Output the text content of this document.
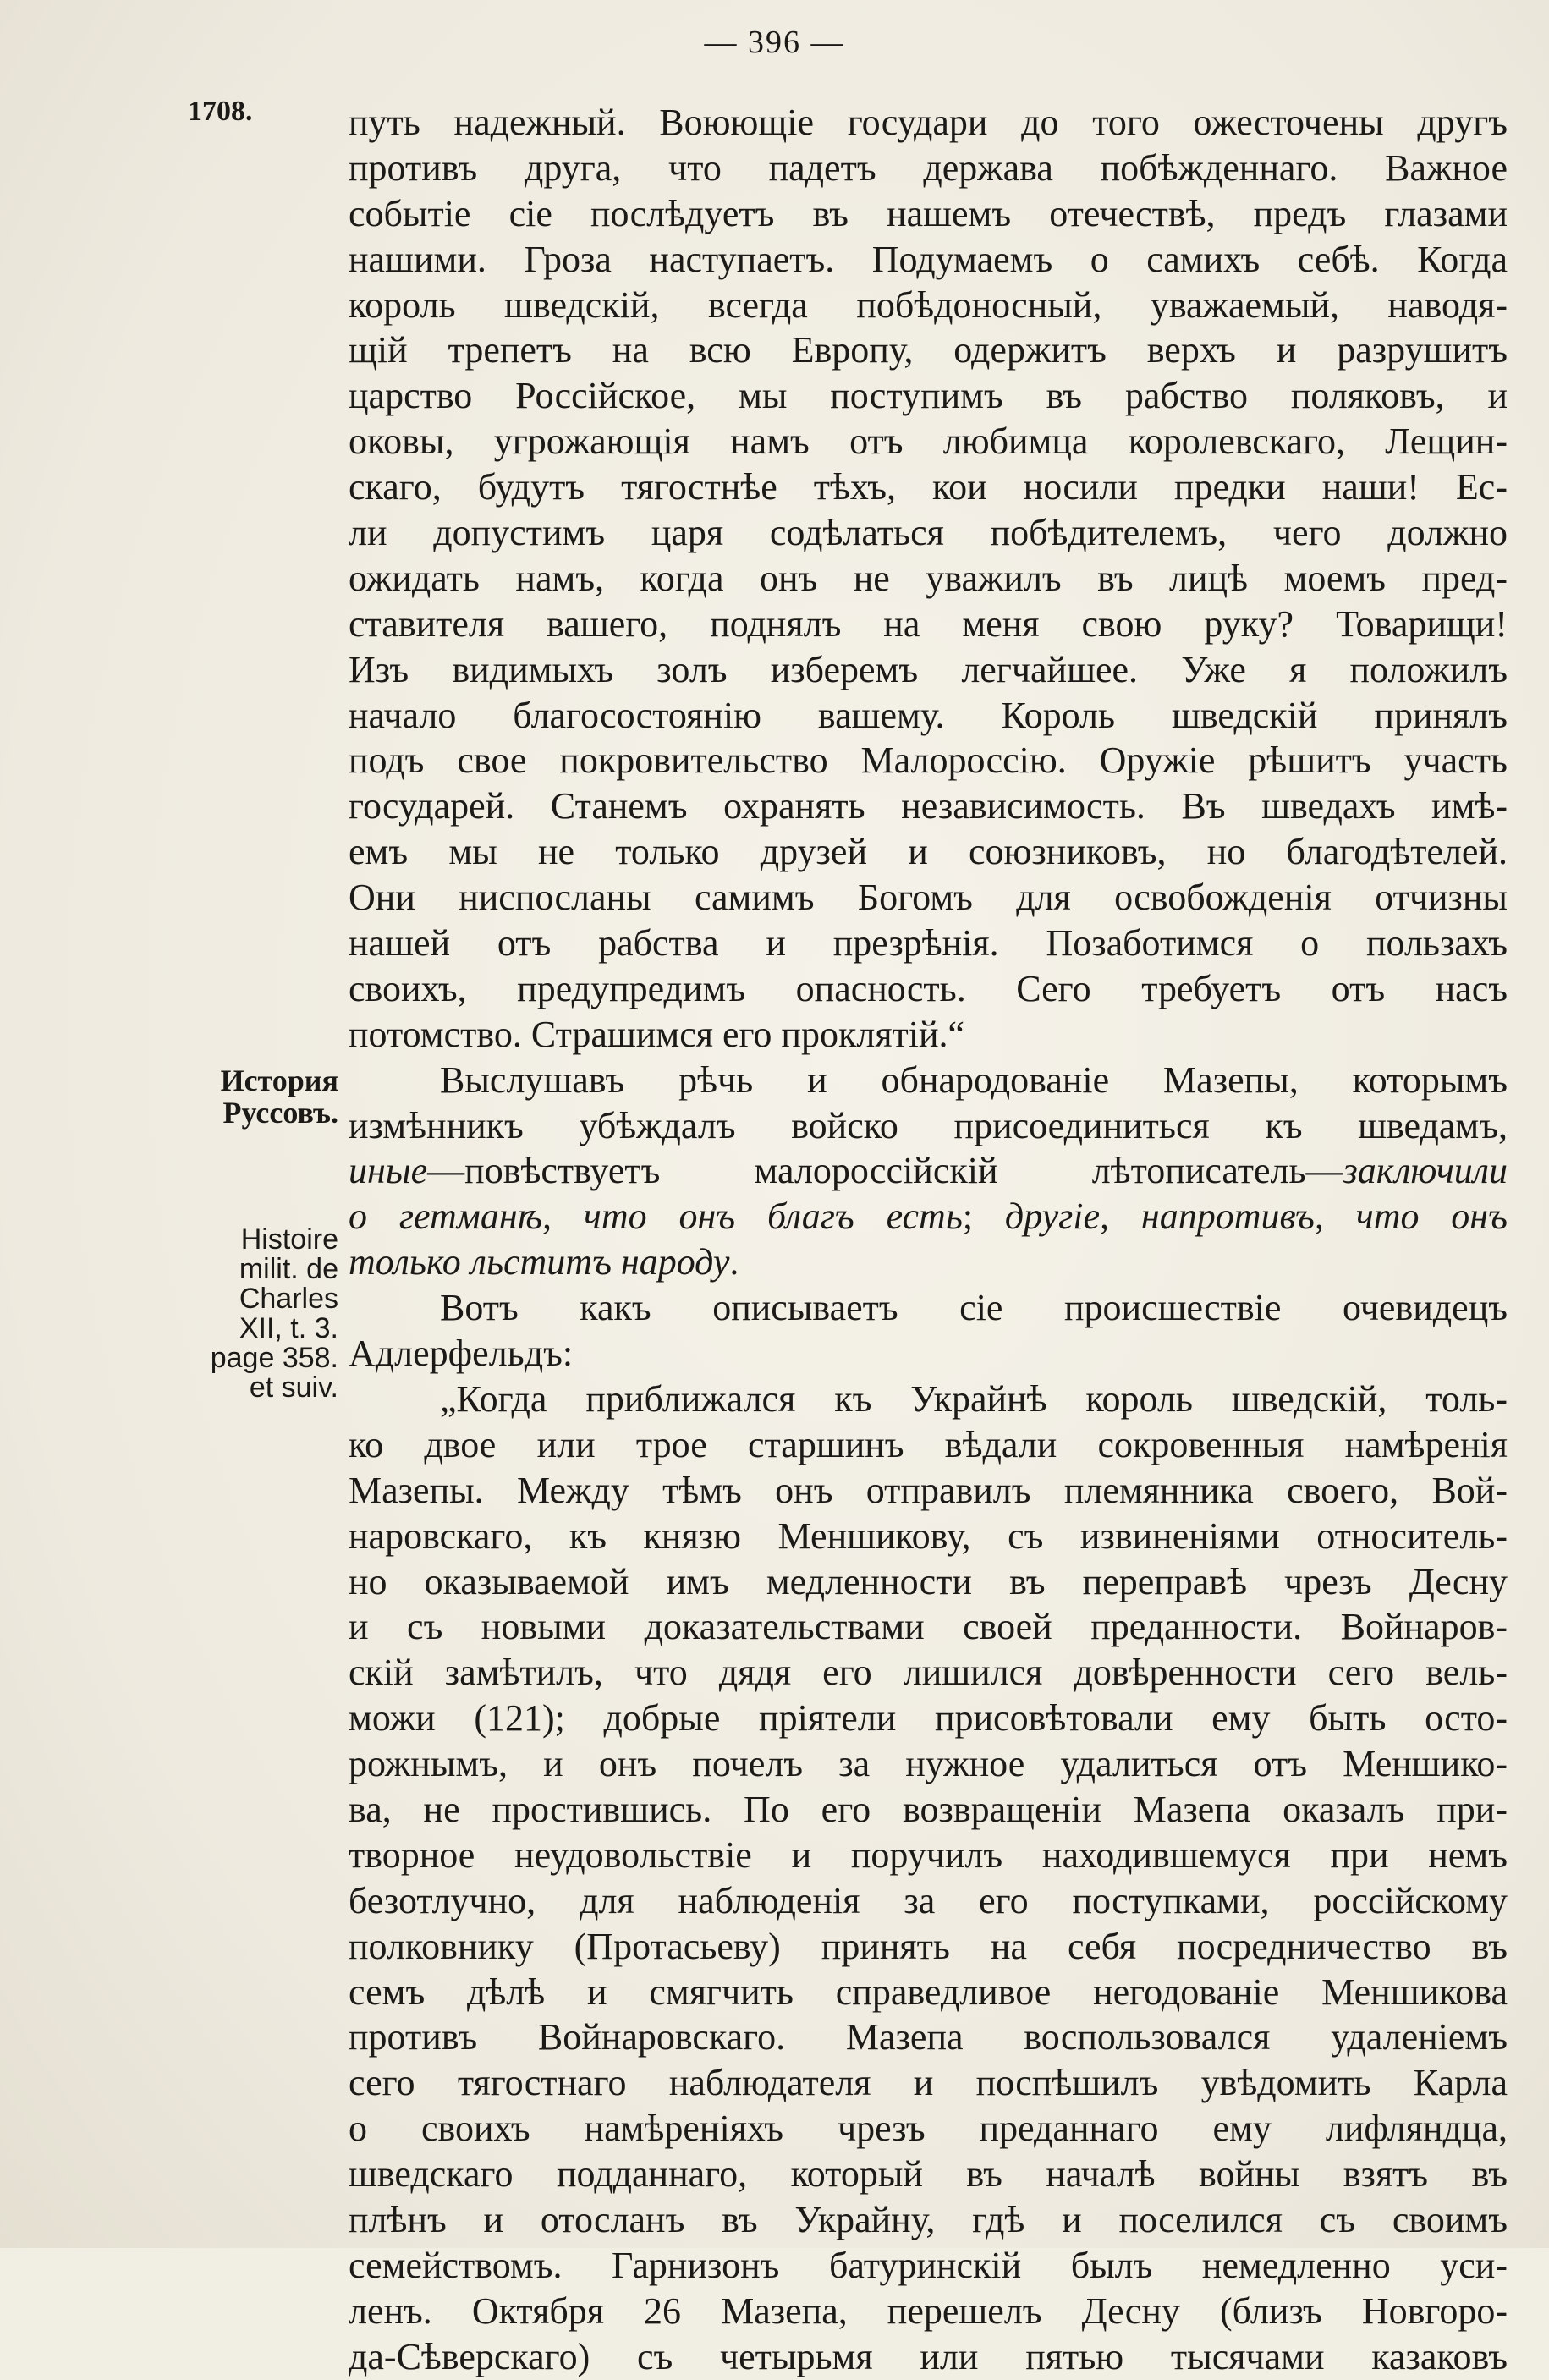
— 396 —
1708.
История
Руссовъ.
Histoire
milit. de
Charles
XII, t. 3.
page 358.
et suiv.
путь надежный. Воюющіе государи до того ожесточены другъ
противъ друга, что падетъ держава побѣжденнаго. Важное
событіе сіе послѣдуетъ въ нашемъ отечествѣ, предъ глазами
нашими. Гроза наступаетъ. Подумаемъ о самихъ себѣ. Когда
король шведскій, всегда побѣдоносный, уважаемый, наводя-
щій трепетъ на всю Европу, одержитъ верхъ и разрушитъ
царство Россійское, мы поступимъ въ рабство поляковъ, и
оковы, угрожающія намъ отъ любимца королевскаго, Лещин-
скаго, будутъ тягостнѣе тѣхъ, кои носили предки наши! Ес-
ли допустимъ царя содѣлаться побѣдителемъ, чего должно
ожидать намъ, когда онъ не уважилъ въ лицѣ моемъ пред-
ставителя вашего, поднялъ на меня свою руку? Товарищи!
Изъ видимыхъ золъ изберемъ легчайшее. Уже я положилъ
начало благосостоянію вашему. Король шведскій принялъ
подъ свое покровительство Малороссію. Оружіе рѣшитъ участь
государей. Станемъ охранять независимость. Въ шведахъ имѣ-
емъ мы не только друзей и союзниковъ, но благодѣтелей.
Они ниспосланы самимъ Богомъ для освобожденія отчизны
нашей отъ рабства и презрѣнія. Позаботимся о пользахъ
своихъ, предупредимъ опасность. Сего требуетъ отъ насъ
потомство. Страшимся его проклятій.“
Выслушавъ рѣчь и обнародованіе Мазепы, которымъ
измѣнникъ убѣждалъ войско присоединиться къ шведамъ,
иные—повѣствуетъ малороссійскій лѣтописатель—заключили
о гетманѣ, что онъ благъ есть; другіе, напротивъ, что онъ
только льститъ народу.
Вотъ какъ описываетъ сіе происшествіе очевидецъ
Адлерфельдъ:
„Когда приближался къ Украйнѣ король шведскій, толь-
ко двое или трое старшинъ вѣдали сокровенныя намѣренія
Мазепы. Между тѣмъ онъ отправилъ племянника своего, Вой-
наровскаго, къ князю Меншикову, съ извиненіями относитель-
но оказываемой имъ медленности въ переправѣ чрезъ Десну
и съ новыми доказательствами своей преданности. Войнаров-
скій замѣтилъ, что дядя его лишился довѣренности сего вель-
можи (121); добрые пріятели присовѣтовали ему быть осто-
рожнымъ, и онъ почелъ за нужное удалиться отъ Меншико-
ва, не простившись. По его возвращеніи Мазепа оказалъ при-
творное неудовольствіе и поручилъ находившемуся при немъ
безотлучно, для наблюденія за его поступками, россійскому
полковнику (Протасьеву) принять на себя посредничество въ
семъ дѣлѣ и смягчить справедливое негодованіе Меншикова
противъ Войнаровскаго. Мазепа воспользовался удаленіемъ
сего тягостнаго наблюдателя и поспѣшилъ увѣдомить Карла
о своихъ намѣреніяхъ чрезъ преданнаго ему лифляндца,
шведскаго подданнаго, который въ началѣ войны взятъ въ
плѣнъ и отосланъ въ Украйну, гдѣ и поселился съ своимъ
семействомъ. Гарнизонъ батуринскій былъ немедленно уси-
ленъ. Октября 26 Мазепа, перешелъ Десну (близъ Новгоро-
да-Сѣверскаго) съ четырьмя или пятью тысячами казаковъ
